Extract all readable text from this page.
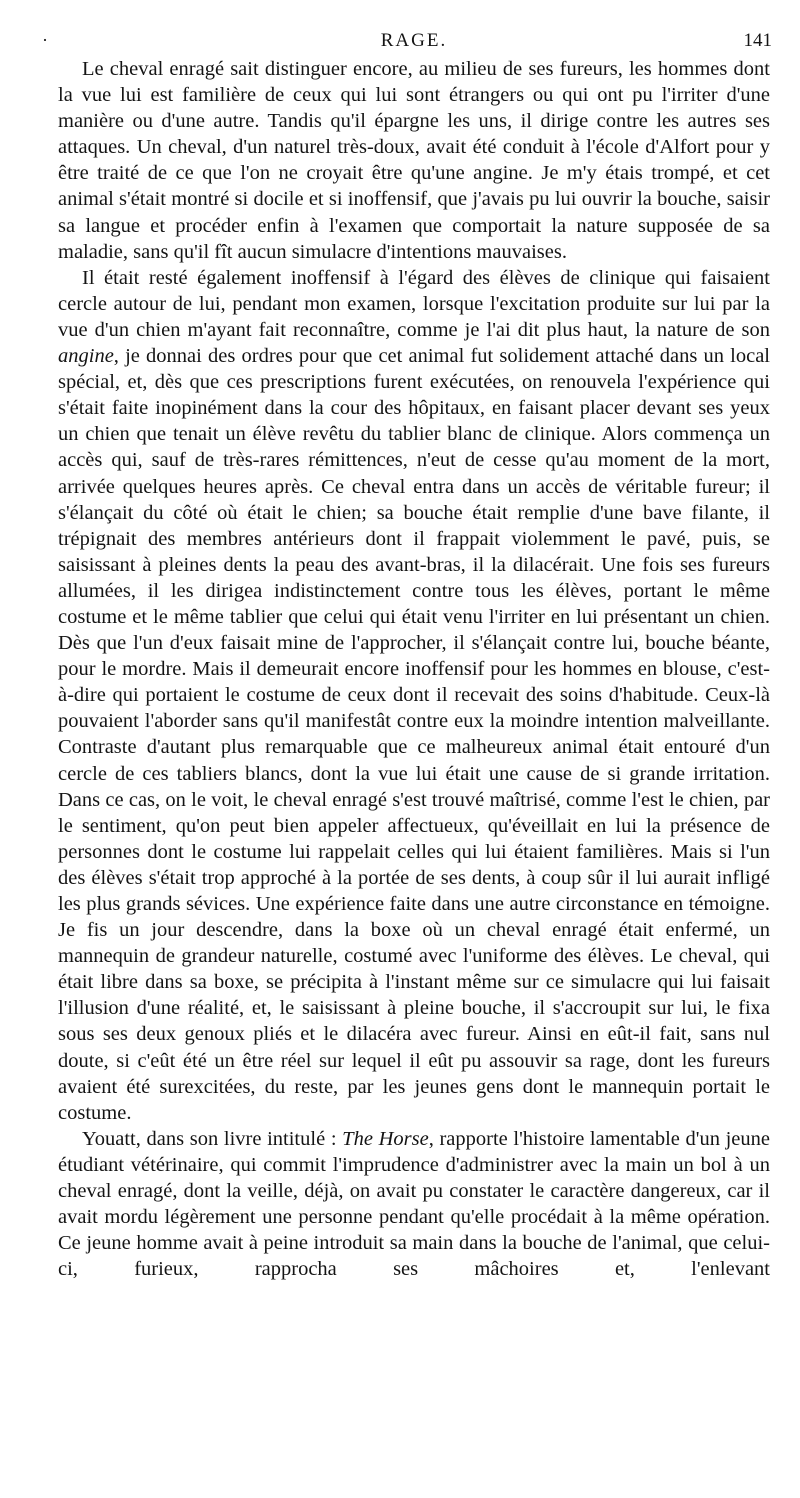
·	RAGE.	141

Le cheval enragé sait distinguer encore, au milieu de ses fureurs, les hommes dont la vue lui est familière de ceux qui lui sont étrangers ou qui ont pu l'irriter d'une manière ou d'une autre. Tandis qu'il épargne les uns, il dirige contre les autres ses attaques. Un cheval, d'un naturel très-doux, avait été conduit à l'école d'Alfort pour y être traité de ce que l'on ne croyait être qu'une angine. Je m'y étais trompé, et cet animal s'était montré si docile et si inoffensif, que j'avais pu lui ouvrir la bouche, saisir sa langue et procéder enfin à l'examen que comportait la nature supposée de sa maladie, sans qu'il fît aucun simulacre d'intentions mauvaises.

Il était resté également inoffensif à l'égard des élèves de clinique qui faisaient cercle autour de lui, pendant mon examen, lorsque l'excitation produite sur lui par la vue d'un chien m'ayant fait reconnaître, comme je l'ai dit plus haut, la nature de son angine, je donnai des ordres pour que cet animal fut solidement attaché dans un local spécial, et, dès que ces prescriptions furent exécutées, on renouvela l'expérience qui s'était faite inopinément dans la cour des hôpitaux, en faisant placer devant ses yeux un chien que tenait un élève revêtu du tablier blanc de clinique. Alors commença un accès qui, sauf de très-rares rémittences, n'eut de cesse qu'au moment de la mort, arrivée quelques heures après. Ce cheval entra dans un accès de véritable fureur; il s'élançait du côté où était le chien; sa bouche était remplie d'une bave filante, il trépignait des membres antérieurs dont il frappait violemment le pavé, puis, se saisissant à pleines dents la peau des avant-bras, il la dilacérait. Une fois ses fureurs allumées, il les dirigea indistinctement contre tous les élèves, portant le même costume et le même tablier que celui qui était venu l'irriter en lui présentant un chien. Dès que l'un d'eux faisait mine de l'approcher, il s'élançait contre lui, bouche béante, pour le mordre. Mais il demeurait encore inoffensif pour les hommes en blouse, c'est-à-dire qui portaient le costume de ceux dont il recevait des soins d'habitude. Ceux-là pouvaient l'aborder sans qu'il manifestât contre eux la moindre intention malveillante. Contraste d'autant plus remarquable que ce malheureux animal était entouré d'un cercle de ces tabliers blancs, dont la vue lui était une cause de si grande irritation. Dans ce cas, on le voit, le cheval enragé s'est trouvé maîtrisé, comme l'est le chien, par le sentiment, qu'on peut bien appeler affectueux, qu'éveillait en lui la présence de personnes dont le costume lui rappelait celles qui lui étaient familières. Mais si l'un des élèves s'était trop approché à la portée de ses dents, à coup sûr il lui aurait infligé les plus grands sévices. Une expérience faite dans une autre circonstance en témoigne. Je fis un jour descendre, dans la boxe où un cheval enragé était enfermé, un mannequin de grandeur naturelle, costumé avec l'uniforme des élèves. Le cheval, qui était libre dans sa boxe, se précipita à l'instant même sur ce simulacre qui lui faisait l'illusion d'une réalité, et, le saisissant à pleine bouche, il s'accroupit sur lui, le fixa sous ses deux genoux pliés et le dilacéra avec fureur. Ainsi en eût-il fait, sans nul doute, si c'eût été un être réel sur lequel il eût pu assouvir sa rage, dont les fureurs avaient été surexcitées, du reste, par les jeunes gens dont le mannequin portait le costume.

Youatt, dans son livre intitulé : The Horse, rapporte l'histoire lamentable d'un jeune étudiant vétérinaire, qui commit l'imprudence d'administrer avec la main un bol à un cheval enragé, dont la veille, déjà, on avait pu constater le caractère dangereux, car il avait mordu légèrement une personne pendant qu'elle procédait à la même opération. Ce jeune homme avait à peine introduit sa main dans la bouche de l'animal, que celui-ci, furieux, rapprocha ses mâchoires et, l'enlevant
